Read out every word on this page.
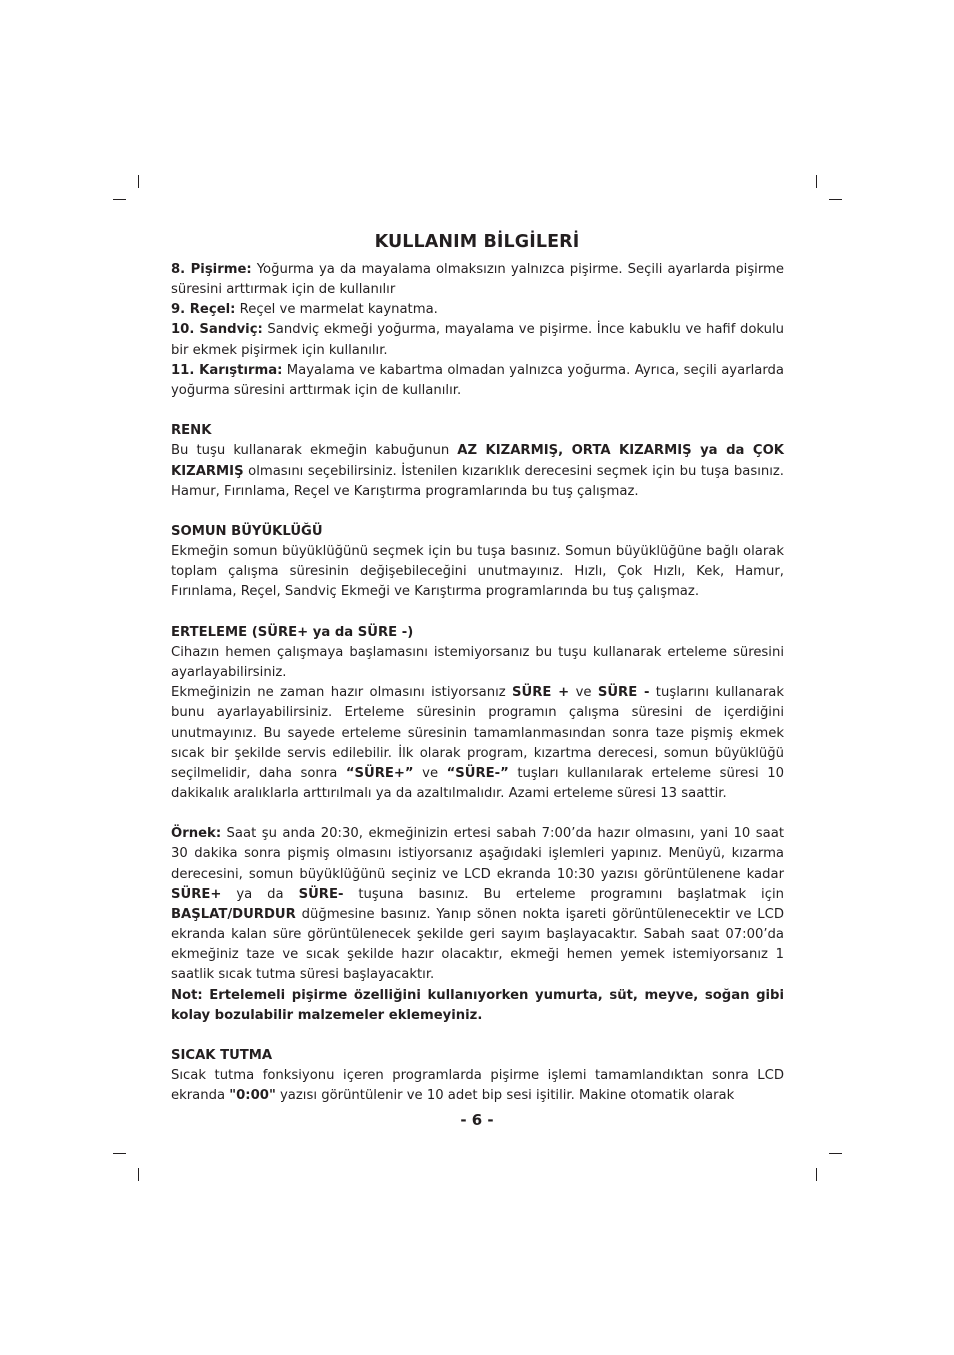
KULLANIM BİLGİLERİ

8. Pişirme: Yoğurma ya da mayalama olmaksızın yalnızca pişirme. Seçili ayarlarda pişirme süresini arttırmak için de kullanılır

9. Reçel: Reçel ve marmelat kaynatma.

10. Sandviç: Sandviç ekmeği yoğurma, mayalama ve pişirme. İnce kabuklu ve hafif dokulu bir ekmek pişirmek için kullanılır.

11. Karıştırma: Mayalama ve kabartma olmadan yalnızca yoğurma. Ayrıca, seçili ayarlarda yoğurma süresini arttırmak için de kullanılır.

RENK

Bu tuşu kullanarak ekmeğin kabuğunun AZ KIZARMIŞ, ORTA KIZARMIŞ ya da ÇOK KIZARMIŞ olmasını seçebilirsiniz. İstenilen kızarıklık derecesini seçmek için bu tuşa basınız. Hamur, Fırınlama, Reçel ve Karıştırma programlarında bu tuş çalışmaz.

SOMUN BÜYÜKLÜĞÜ

Ekmeğin somun büyüklüğünü seçmek için bu tuşa basınız. Somun büyüklüğüne bağlı olarak toplam çalışma süresinin değişebileceğini unutmayınız. Hızlı, Çok Hızlı, Kek, Hamur, Fırınlama, Reçel, Sandviç Ekmeği ve Karıştırma programlarında bu tuş çalışmaz.

ERTELEME (SÜRE+ ya da SÜRE -)

Cihazın hemen çalışmaya başlamasını istemiyorsanız bu tuşu kullanarak erteleme süresini ayarlayabilirsiniz.

Ekmeğinizin ne zaman hazır olmasını istiyorsanız SÜRE + ve SÜRE - tuşlarını kullanarak bunu ayarlayabilirsiniz. Erteleme süresinin programın çalışma süresini de içerdiğini unutmayınız. Bu sayede erteleme süresinin tamamlanmasından sonra taze pişmiş ekmek sıcak bir şekilde servis edilebilir. İlk olarak program, kızartma derecesi, somun büyüklüğü seçilmelidir, daha sonra “SÜRE+” ve “SÜRE-” tuşları kullanılarak erteleme süresi 10 dakikalık aralıklarla arttırılmalı ya da azaltılmalıdır. Azami erteleme süresi 13 saattir.

Örnek: Saat şu anda 20:30, ekmeğinizin ertesi sabah 7:00’da hazır olmasını, yani 10 saat 30 dakika sonra pişmiş olmasını istiyorsanız aşağıdaki işlemleri yapınız. Menüyü, kızarma derecesini, somun büyüklüğünü seçiniz ve LCD ekranda 10:30 yazısı görüntülenene kadar SÜRE+ ya da SÜRE- tuşuna basınız. Bu erteleme programını başlatmak için BAŞLAT/DURDUR düğmesine basınız. Yanıp sönen nokta işareti görüntülenecektir ve LCD ekranda kalan süre görüntülenecek şekilde geri sayım başlayacaktır. Sabah saat 07:00’da ekmeğiniz taze ve sıcak şekilde hazır olacaktır, ekmeği hemen yemek istemiyorsanız 1 saatlik sıcak tutma süresi başlayacaktır.

Not: Ertelemeli pişirme özelliğini kullanıyorken yumurta, süt, meyve, soğan gibi kolay bozulabilir malzemeler eklemeyiniz.

SICAK TUTMA

Sıcak tutma fonksiyonu içeren programlarda pişirme işlemi tamamlandıktan sonra LCD ekranda "0:00" yazısı görüntülenir ve 10 adet bip sesi işitilir. Makine otomatik olarak

- 6 -
